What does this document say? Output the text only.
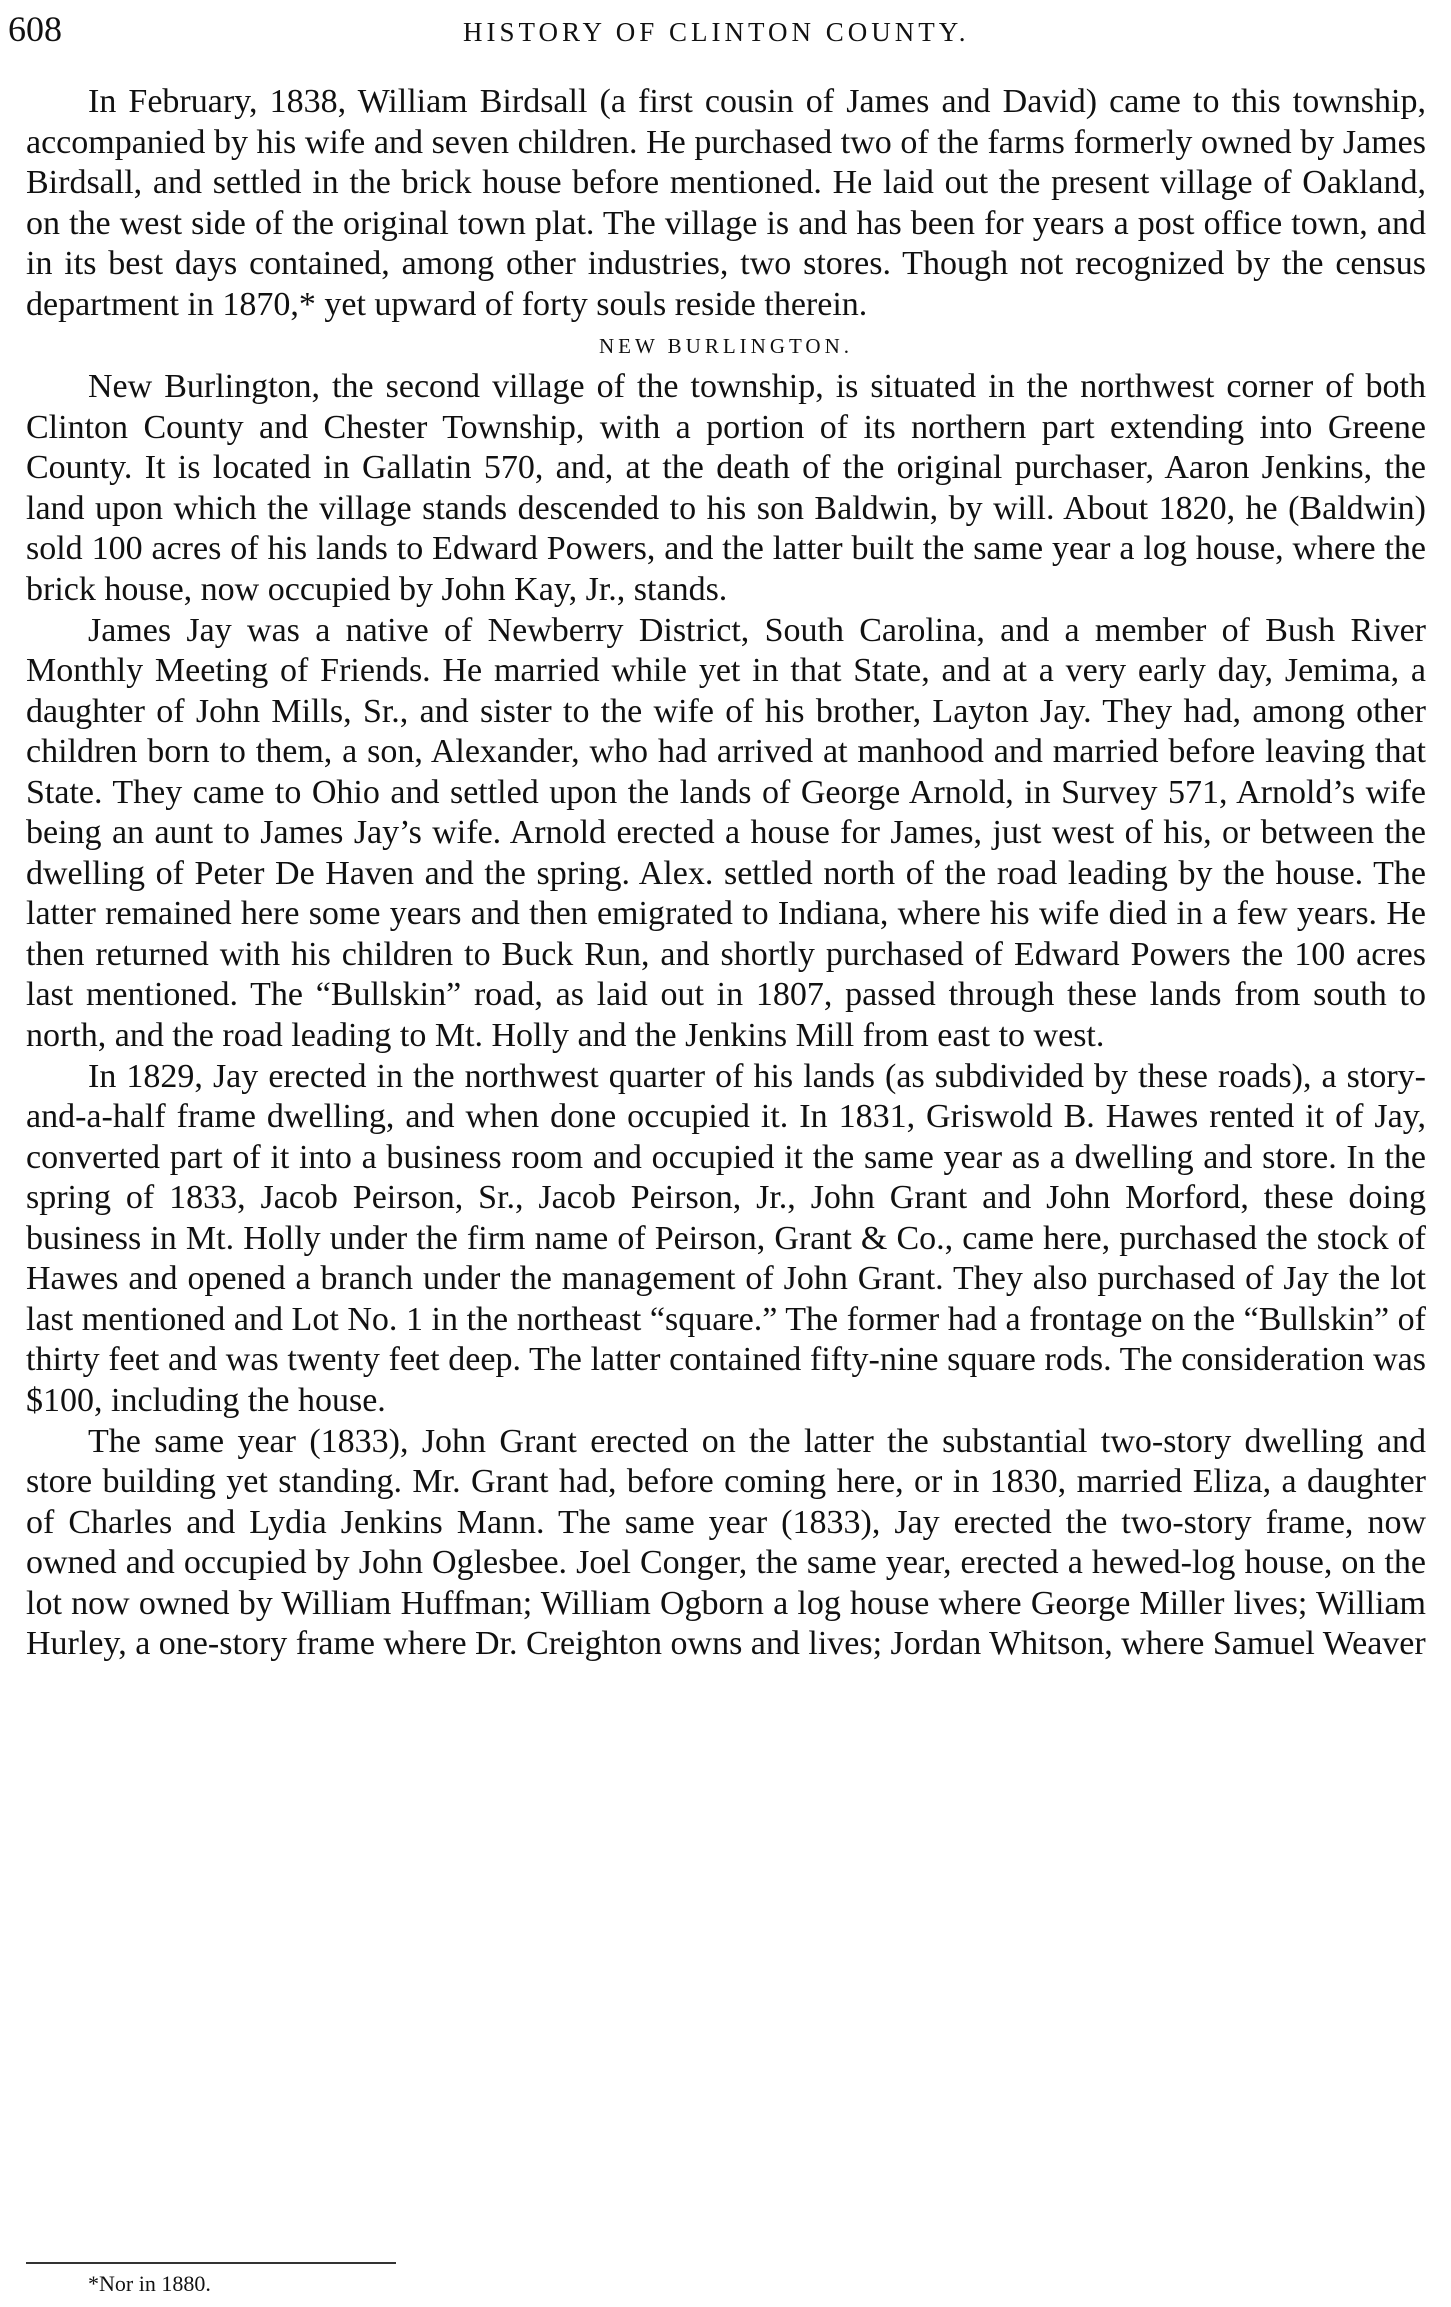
608	HISTORY OF CLINTON COUNTY.

In February, 1838, William Birdsall (a first cousin of James and David) came to this township, accompanied by his wife and seven children. He purchased two of the farms formerly owned by James Birdsall, and settled in the brick house before mentioned. He laid out the present village of Oakland, on the west side of the original town plat. The village is and has been for years a post office town, and in its best days contained, among other industries, two stores. Though not recognized by the census department in 1870,* yet upward of forty souls reside therein.

NEW BURLINGTON.

New Burlington, the second village of the township, is situated in the northwest corner of both Clinton County and Chester Township, with a portion of its northern part extending into Greene County. It is located in Gallatin 570, and, at the death of the original purchaser, Aaron Jenkins, the land upon which the village stands descended to his son Baldwin, by will. About 1820, he (Baldwin) sold 100 acres of his lands to Edward Powers, and the latter built the same year a log house, where the brick house, now occupied by John Kay, Jr., stands.

James Jay was a native of Newberry District, South Carolina, and a member of Bush River Monthly Meeting of Friends. He married while yet in that State, and at a very early day, Jemima, a daughter of John Mills, Sr., and sister to the wife of his brother, Layton Jay. They had, among other children born to them, a son, Alexander, who had arrived at manhood and married before leaving that State. They came to Ohio and settled upon the lands of George Arnold, in Survey 571, Arnold’s wife being an aunt to James Jay’s wife. Arnold erected a house for James, just west of his, or between the dwelling of Peter De Haven and the spring. Alex. settled north of the road leading by the house. The latter remained here some years and then emigrated to Indiana, where his wife died in a few years. He then returned with his children to Buck Run, and shortly purchased of Edward Powers the 100 acres last mentioned. The “Bullskin” road, as laid out in 1807, passed through these lands from south to north, and the road leading to Mt. Holly and the Jenkins Mill from east to west.

In 1829, Jay erected in the northwest quarter of his lands (as subdivided by these roads), a story-and-a-half frame dwelling, and when done occupied it. In 1831, Griswold B. Hawes rented it of Jay, converted part of it into a business room and occupied it the same year as a dwelling and store. In the spring of 1833, Jacob Peirson, Sr., Jacob Peirson, Jr., John Grant and John Morford, these doing business in Mt. Holly under the firm name of Peirson, Grant & Co., came here, purchased the stock of Hawes and opened a branch under the management of John Grant. They also purchased of Jay the lot last mentioned and Lot No. 1 in the northeast “square.” The former had a frontage on the “Bullskin” of thirty feet and was twenty feet deep. The latter contained fifty-nine square rods. The consideration was $100, including the house.

The same year (1833), John Grant erected on the latter the substantial two-story dwelling and store building yet standing. Mr. Grant had, before coming here, or in 1830, married Eliza, a daughter of Charles and Lydia Jenkins Mann. The same year (1833), Jay erected the two-story frame, now owned and occupied by John Oglesbee. Joel Conger, the same year, erected a hewed-log house, on the lot now owned by William Huffman; William Ogborn a log house where George Miller lives; William Hurley, a one-story frame where Dr. Creighton owns and lives; Jordan Whitson, where Samuel Weaver

*Nor in 1880.
